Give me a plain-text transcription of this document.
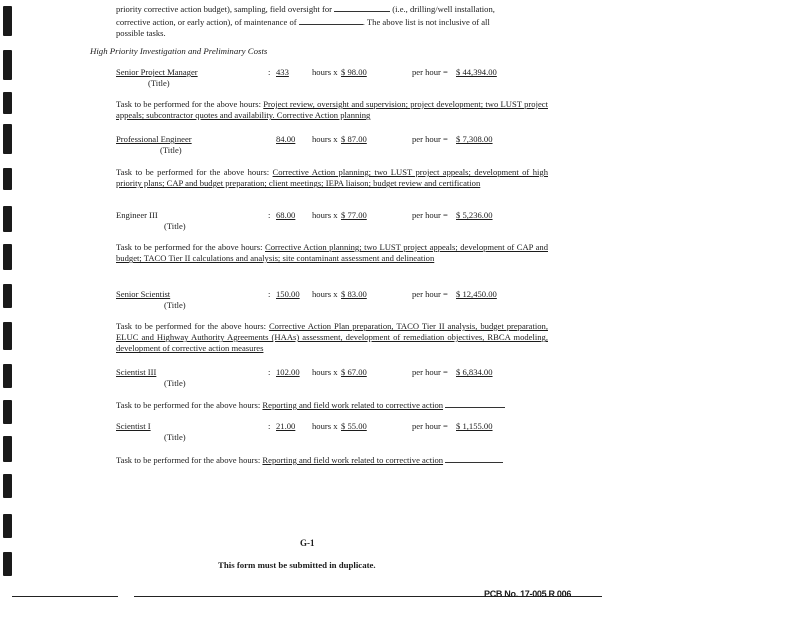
priority corrective action budget), sampling, field oversight for	(i.e., drilling/well installation,
corrective action, or early action), of maintenance of	. The above list is not inclusive of all
possible tasks.
High Priority Investigation and Preliminary Costs
Senior Project Manager	: 433	hours x $ 98.00	per hour = $ 44,394.00
(Title)
Task to be performed for the above hours: Project review, oversight and supervision; project development; two LUST project appeals; subcontractor quotes and availability. Corrective Action planning
Professional Engineer	84.00 hours x $ 87.00	per hour = $ 7,308.00
(Title)
Task to be performed for the above hours: Corrective Action planning; two LUST project appeals; development of high priority plans; CAP and budget preparation; client meetings; IEPA liaison; budget review and certification
Engineer III	: 68.00 hours x $ 77.00	per hour = $ 5,236.00
(Title)
Task to be performed for the above hours: Corrective Action planning; two LUST project appeals; development of CAP and budget; TACO Tier II calculations and analysis; site contaminant assessment and delineation
Senior Scientist	: 150.00 hours x $ 83.00	per hour = $ 12,450.00
(Title)
Task to be performed for the above hours: Corrective Action Plan preparation, TACO Tier II analysis, budget preparation, ELUC and Highway Authority Agreements (HAAs) assessment, development of remediation objectives, RBCA modeling, development of corrective action measures
Scientist III	: 102.00 hours x $ 67.00	per hour = $ 6,834.00
(Title)
Task to be performed for the above hours: Reporting and field work related to corrective action
Scientist I	: 21.00 hours x $ 55.00	per hour = $ 1,155.00
(Title)
Task to be performed for the above hours: Reporting and field work related to corrective action
G-1
This form must be submitted in duplicate.
PCB No. 17-005 R 006
